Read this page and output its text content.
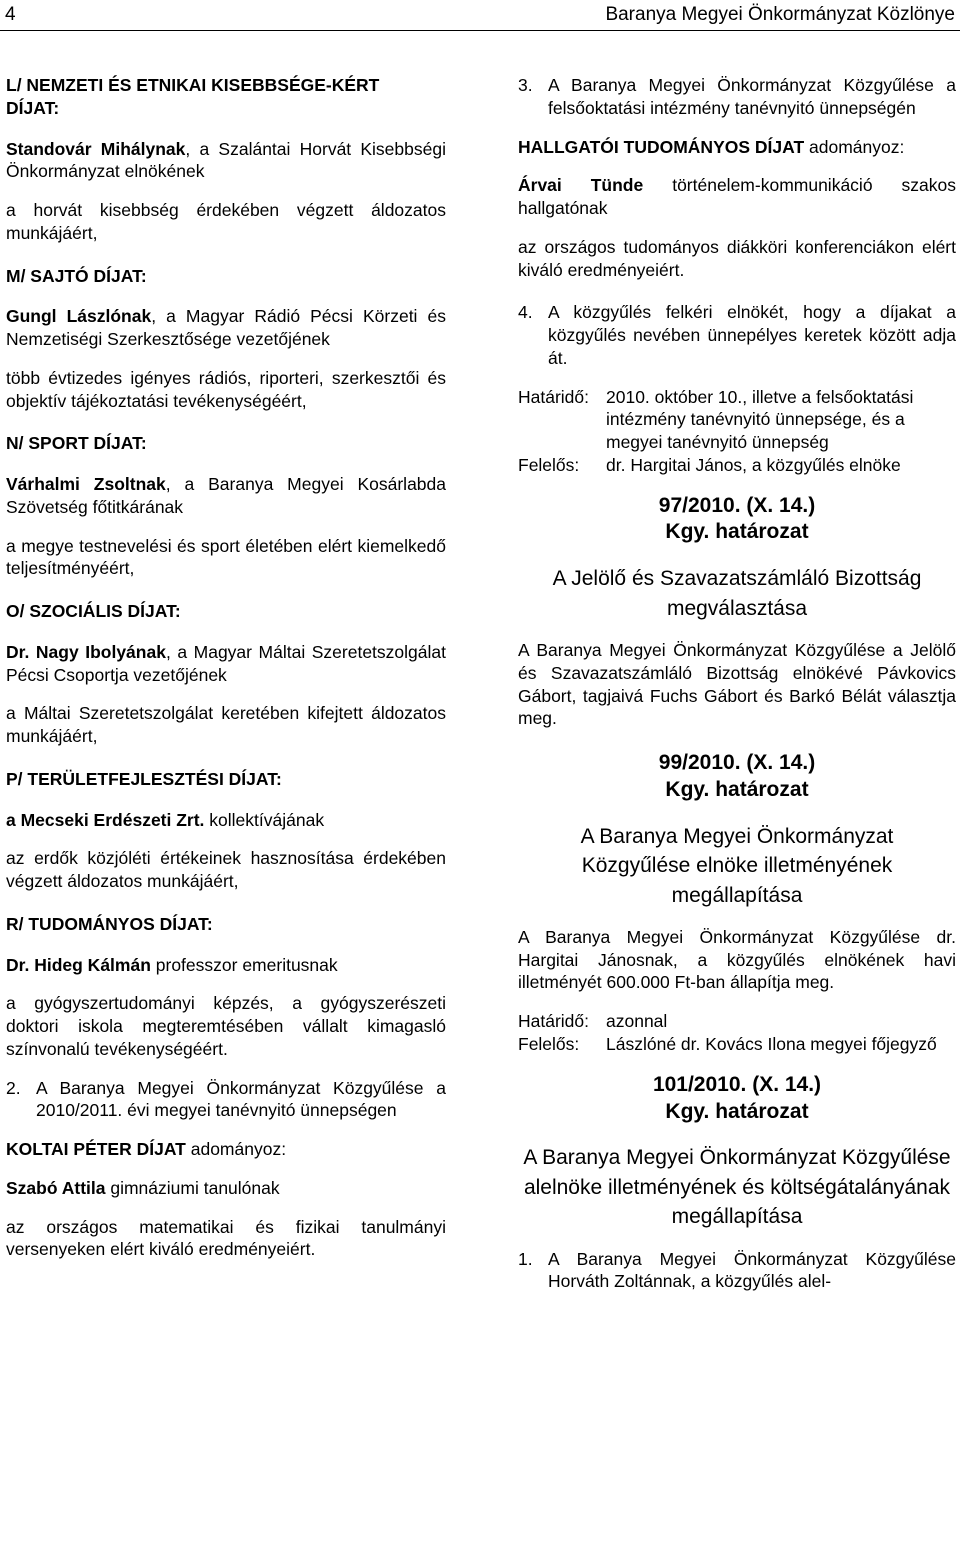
4	Baranya Megyei Önkormányzat Közlönye
L/ NEMZETI ÉS ETNIKAI KISEBBSÉGE-KÉRT DÍJAT:
Standovár Mihálynak, a Szalántai Horvát Kisebbségi Önkormányzat elnökének
a horvát kisebbség érdekében végzett áldozatos munkájáért,
M/ SAJTÓ DÍJAT:
Gungl Lászlónak, a Magyar Rádió Pécsi Körzeti és Nemzetiségi Szerkesztősége vezetőjének
több évtizedes igényes rádiós, riporteri, szerkesztői és objektív tájékoztatási tevékenységéért,
N/ SPORT DÍJAT:
Várhalmi Zsoltnak, a Baranya Megyei Kosárlabda Szövetség főtitkárának
a megye testnevelési és sport életében elért kiemelkedő teljesítményéért,
O/ SZOCIÁLIS DÍJAT:
Dr. Nagy Ibolyának, a Magyar Máltai Szeretetszolgálat Pécsi Csoportja vezetőjének
a Máltai Szeretetszolgálat keretében kifejtett áldozatos munkájáért,
P/ TERÜLETFEJLESZTÉSI DÍJAT:
a Mecseki Erdészeti Zrt. kollektívájának
az erdők közjóléti értékeinek hasznosítása érdekében végzett áldozatos munkájáért,
R/ TUDOMÁNYOS DÍJAT:
Dr. Hideg Kálmán professzor emeritusnak
a gyógyszertudományi képzés, a gyógyszerészeti doktori iskola megteremtésében vállalt kimagasló színvonalú tevékenységéért.
2. A Baranya Megyei Önkormányzat Közgyűlése a 2010/2011. évi megyei tanévnyitó ünnepségen
KOLTAI PÉTER DÍJAT adományoz:
Szabó Attila gimnáziumi tanulónak
az országos matematikai és fizikai tanulmányi versenyeken elért kiváló eredményeiért.
3. A Baranya Megyei Önkormányzat Közgyűlése a felsőoktatási intézmény tanévnyitó ünnepségén
HALLGATÓI TUDOMÁNYOS DÍJAT adományoz:
Árvai Tünde történelem-kommunikáció szakos hallgatónak
az országos tudományos diákköri konferenciákon elért kiváló eredményeiért.
4. A közgyűlés felkéri elnökét, hogy a díjakat a közgyűlés nevében ünnepélyes keretek között adja át.
Határidő: 2010. október 10., illetve a felsőoktatási intézmény tanévnyitó ünnepsége, és a megyei tanévnyitó ünnepség
Felelős:	dr. Hargitai János, a közgyűlés elnöke
97/2010. (X. 14.)
Kgy. határozat
A Jelölő és Szavazatszámláló Bizottság megválasztása
A Baranya Megyei Önkormányzat Közgyűlése a Jelölő és Szavazatszámláló Bizottság elnökévé Pávkovics Gábort, tagjaivá Fuchs Gábort és Barkó Bélát választja meg.
99/2010. (X. 14.)
Kgy. határozat
A Baranya Megyei Önkormányzat Közgyűlése elnöke illetményének megállapítása
A Baranya Megyei Önkormányzat Közgyűlése dr. Hargitai Jánosnak, a közgyűlés elnökének havi illetményét 600.000 Ft-ban állapítja meg.
Határidő: azonnal
Felelős:	Lászlóné dr. Kovács Ilona megyei főjegyző
101/2010. (X. 14.)
Kgy. határozat
A Baranya Megyei Önkormányzat Közgyűlése alelnöke illetményének és költségátalányának megállapítása
1. A Baranya Megyei Önkormányzat Közgyűlése Horváth Zoltánnak, a közgyűlés alel-
